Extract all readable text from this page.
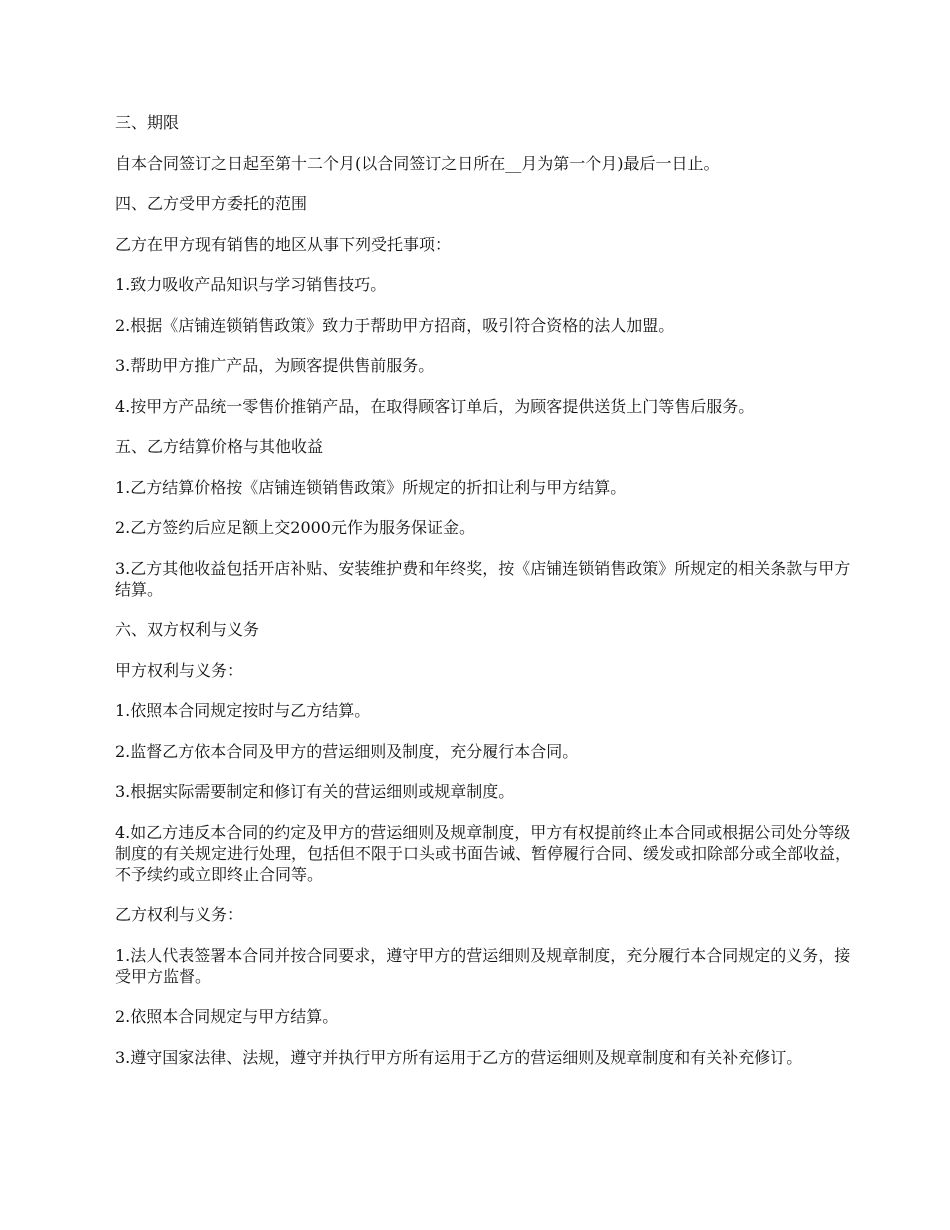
三、期限

自本合同签订之日起至第十二个月(以合同签订之日所在__月为第一个月)最后一日止。

四、乙方受甲方委托的范围

乙方在甲方现有销售的地区从事下列受托事项：

1.致力吸收产品知识与学习销售技巧。

2.根据《店铺连锁销售政策》致力于帮助甲方招商，吸引符合资格的法人加盟。

3.帮助甲方推广产品，为顾客提供售前服务。

4.按甲方产品统一零售价推销产品，在取得顾客订单后，为顾客提供送货上门等售后服务。

五、乙方结算价格与其他收益

1.乙方结算价格按《店铺连锁销售政策》所规定的折扣让利与甲方结算。

2.乙方签约后应足额上交2000元作为服务保证金。

3.乙方其他收益包括开店补贴、安装维护费和年终奖，按《店铺连锁销售政策》所规定的相关条款与甲方结算。

六、双方权利与义务

甲方权利与义务：

1.依照本合同规定按时与乙方结算。

2.监督乙方依本合同及甲方的营运细则及制度，充分履行本合同。

3.根据实际需要制定和修订有关的营运细则或规章制度。

4.如乙方违反本合同的约定及甲方的营运细则及规章制度，甲方有权提前终止本合同或根据公司处分等级制度的有关规定进行处理，包括但不限于口头或书面告诫、暂停履行合同、缓发或扣除部分或全部收益，不予续约或立即终止合同等。

乙方权利与义务：

1.法人代表签署本合同并按合同要求，遵守甲方的营运细则及规章制度，充分履行本合同规定的义务，接受甲方监督。

2.依照本合同规定与甲方结算。

3.遵守国家法律、法规，遵守并执行甲方所有运用于乙方的营运细则及规章制度和有关补充修订。
